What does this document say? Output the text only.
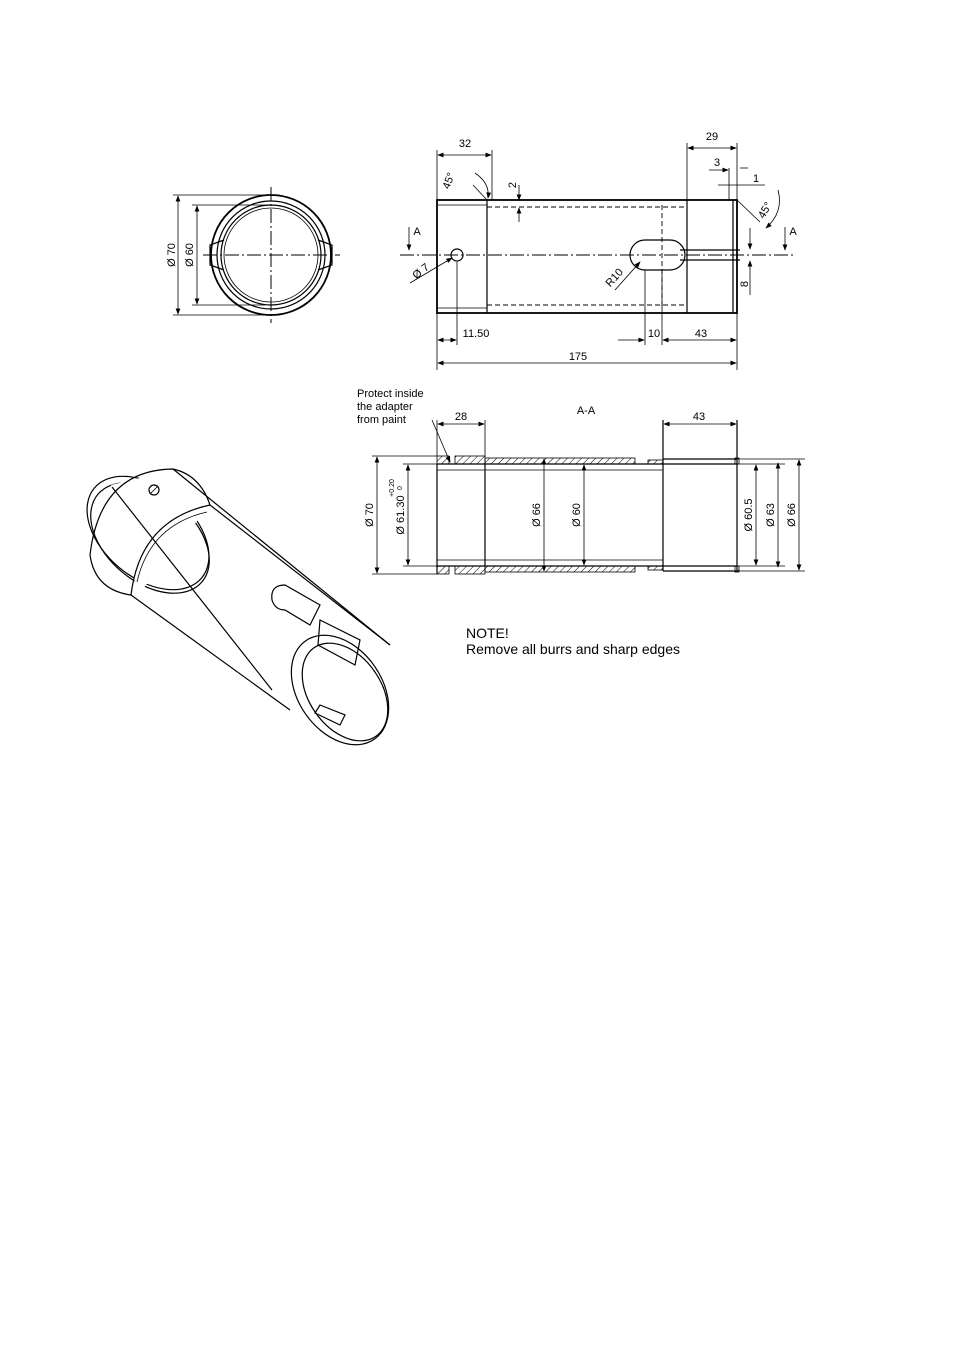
Ø 70 Ø 60
32
29
3
1
2
45°
45°
A	A
Ø 7	R10	8
11.50	10	43
175
A-A
Protect inside
the adapter
from paint	28	43
Ø 70 Ø 61.30
+0.20 0
Ø 66	Ø 60	Ø 60.5 Ø 63 Ø 66
NOTE!
Remove all burrs and sharp edges
